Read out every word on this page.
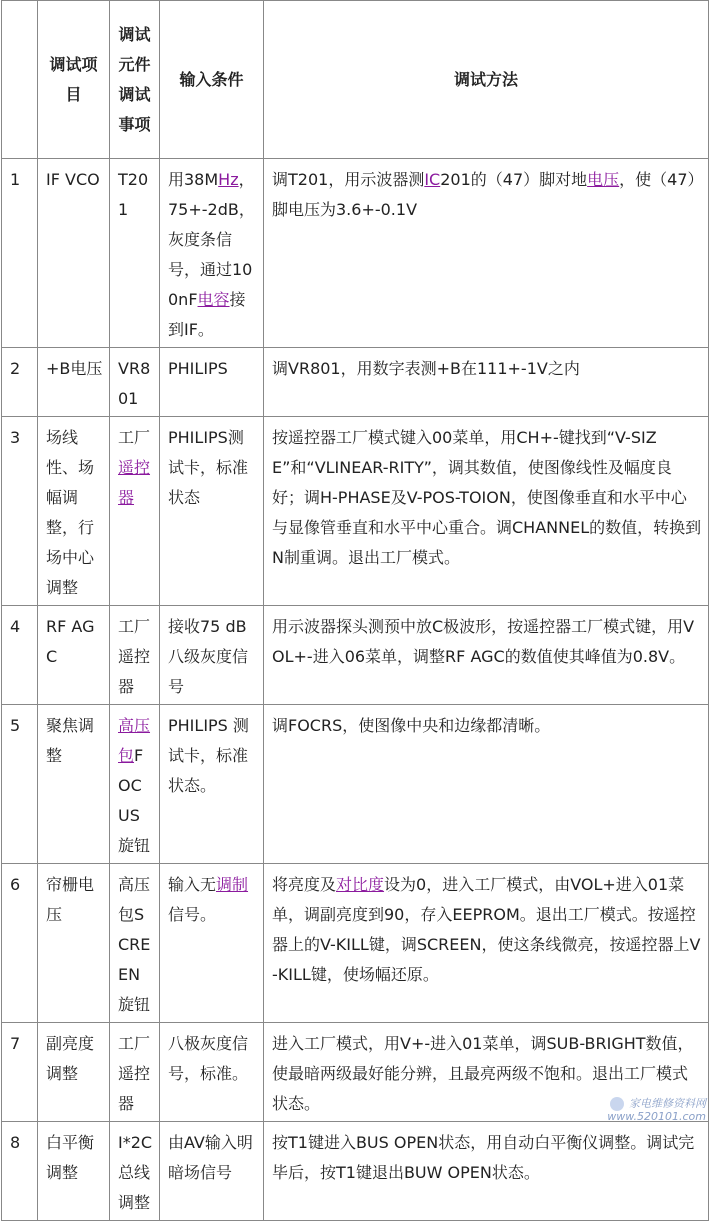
	调试项目	调试元件调试事项	输入条件	调试方法
1	IF VCO	T201	用38MHz，75+-2dB，灰度条信号，通过100nF电容接到IF。	调T201，用示波器测IC201的（47）脚对地电压，使（47）脚电压为3.6+-0.1V
2	+B电压	VR801	PHILIPS	调VR801，用数字表测+B在111+-1V之内
3	场线性、场幅调整，行场中心调整	工厂遥控器	PHILIPS测试卡，标准状态	按遥控器工厂模式键入00菜单，用CH+-键找到“V-SIZE”和“VLINEAR-RITY”，调其数值，使图像线性及幅度良好；调H-PHASE及V-POS-TOION，使图像垂直和水平中心与显像管垂直和水平中心重合。调CHANNEL的数值，转换到N制重调。退出工厂模式。
4	RF AGC	工厂遥控器	接收75 dB八级灰度信号	用示波器探头测预中放C极波形，按遥控器工厂模式键，用VOL+-进入06菜单，调整RF AGC的数值使其峰值为0.8V。
5	聚焦调整	高压包FOCUS旋钮	PHILIPS 测试卡，标准状态。	调FOCRS，使图像中央和边缘都清晰。
6	帘栅电压	高压包SCREEN旋钮	输入无调制信号。	将亮度及对比度设为0，进入工厂模式，由VOL+进入01菜单，调副亮度到90，存入EEPROM。退出工厂模式。按遥控器上的V-KILL键，调SCREEN，使这条线微亮，按遥控器上V-KILL键，使场幅还原。
7	副亮度调整	工厂遥控器	八极灰度信号，标准。	进入工厂模式，用V+-进入01菜单，调SUB-BRIGHT数值，使最暗两级最好能分辨，且最亮两级不饱和。退出工厂模式状态。
8	白平衡调整	I*2C总线调整	由AV输入明暗场信号	按T1键进入BUS OPEN状态，用自动白平衡仪调整。调试完毕后，按T1键退出BUW OPEN状态。
家电维修资料网
www.520101.com
